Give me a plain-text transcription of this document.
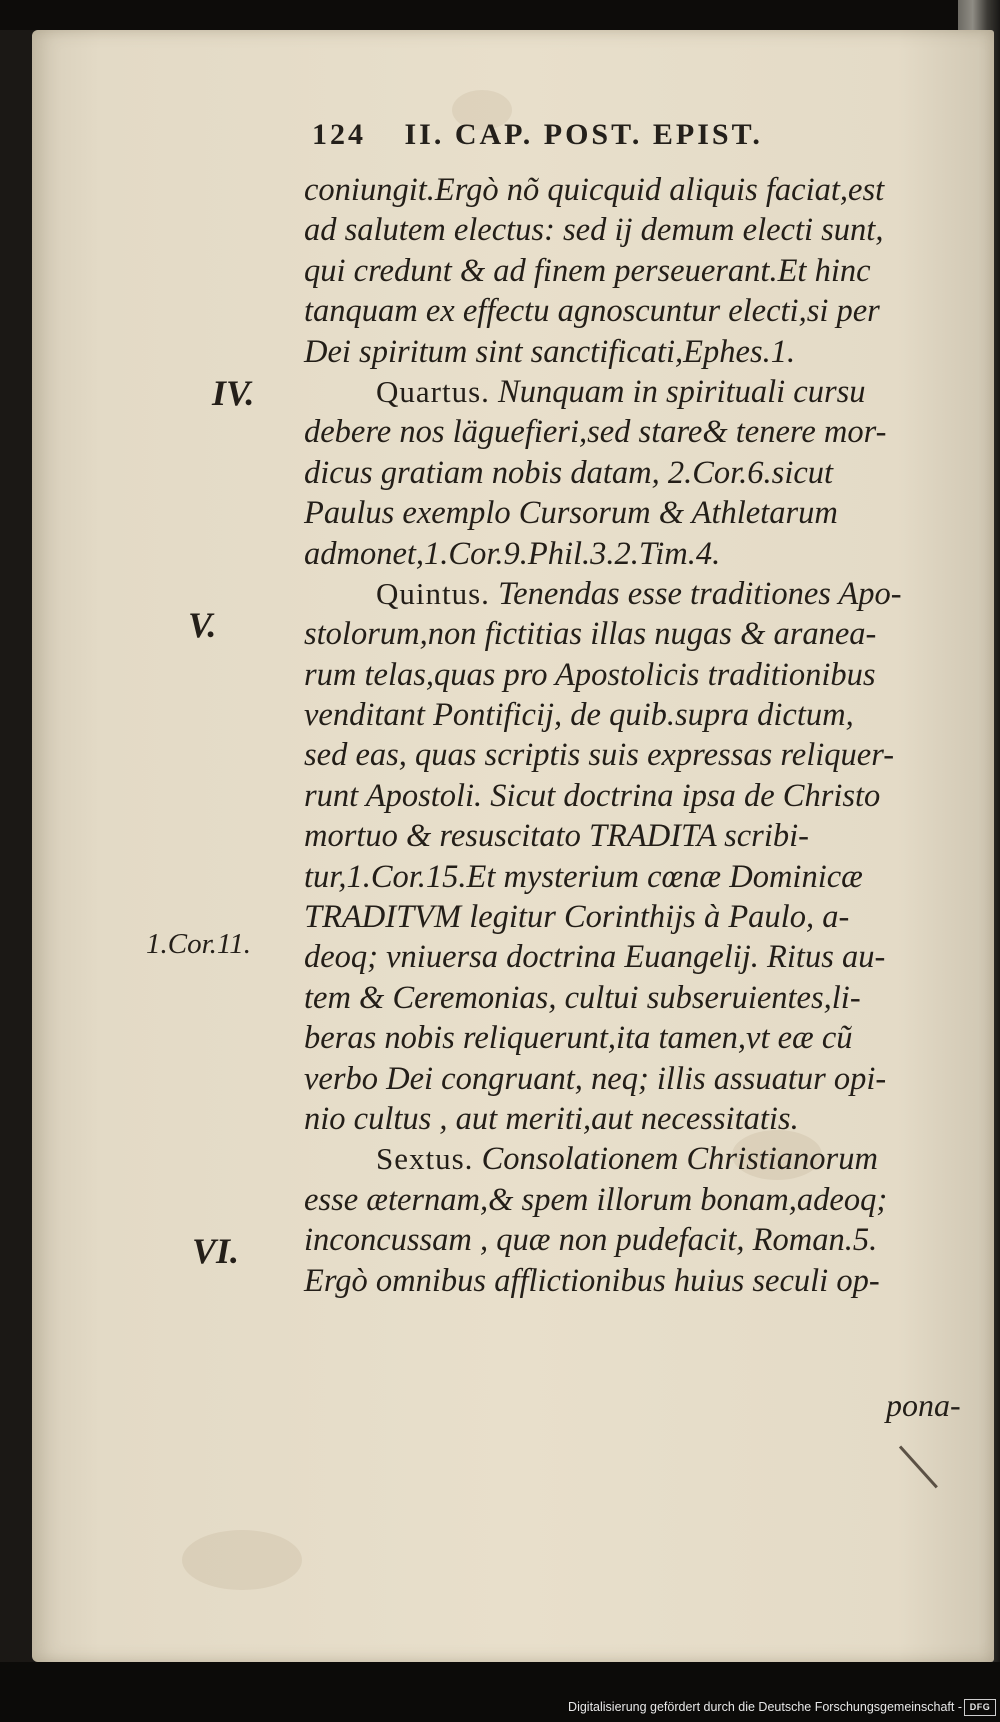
124 II. CAP. POST. EPIST.
IV.
V.
1.Cor.11.
VI.
coniungit.Ergò nõ quicquid aliquis faciat,est
ad salutem electus: sed ij demum electi sunt,
qui credunt & ad finem perseuerant.Et hinc
tanquam ex effectu agnoscuntur electi,si per
Dei spiritum sint sanctificati,Ephes.1.
Quartus. Nunquam in spirituali cursu
debere nos läguefieri,sed stare& tenere mor-
dicus gratiam nobis datam, 2.Cor.6.sicut
Paulus exemplo Cursorum & Athletarum
admonet,1.Cor.9.Phil.3.2.Tim.4.
Quintus. Tenendas esse traditiones Apo-
stolorum,non fictitias illas nugas & aranea-
rum telas,quas pro Apostolicis traditionibus
venditant Pontificij, de quib.supra dictum,
sed eas, quas scriptis suis expressas reliquer-
runt Apostoli. Sicut doctrina ipsa de Christo
mortuo & resuscitato TRADITA scribi-
tur,1.Cor.15.Et mysterium cœnæ Dominicæ
TRADITVM legitur Corinthijs à Paulo, a-
deoq; vniuersa doctrina Euangelij. Ritus au-
tem & Ceremonias, cultui subseruientes,li-
beras nobis reliquerunt,ita tamen,vt eæ cũ
verbo Dei congruant, neq; illis assuatur opi-
nio cultus , aut meriti,aut necessitatis.
Sextus. Consolationem Christianorum
esse æternam,& spem illorum bonam,adeoq;
inconcussam , quæ non pudefacit, Roman.5.
Ergò omnibus afflictionibus huius seculi op-
pona-
Digitalisierung gefördert durch die Deutsche Forschungsgemeinschaft - DFG
